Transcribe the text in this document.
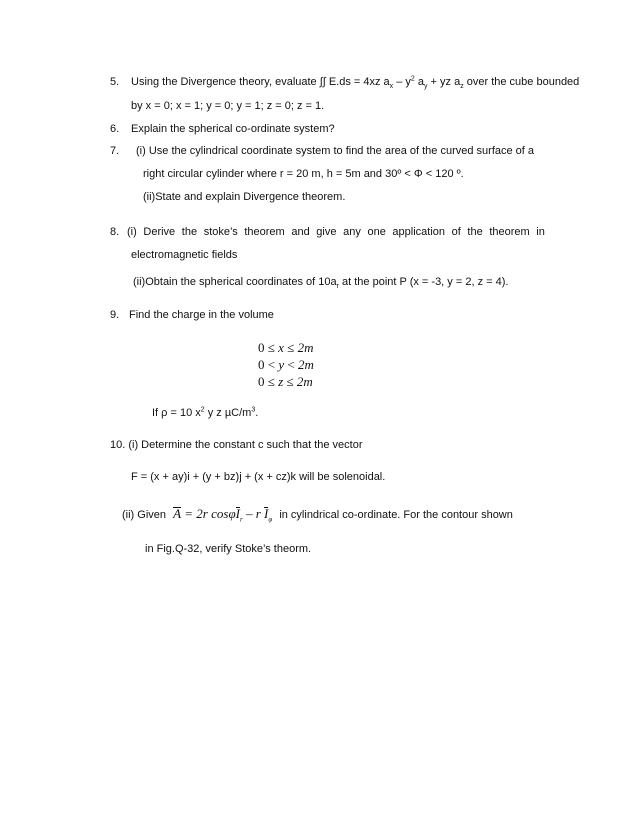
5. Using the Divergence theory, evaluate ∫∫ E.ds = 4xz $a_x - y^2$ $a_y$ + yz $a_z$ over the cube bounded
by x = 0; x = 1; y = 0; y = 1; z = 0; z = 1.
6. Explain the spherical co-ordinate system?
7. (i) Use the cylindrical coordinate system to find the area of the curved surface of a
right circular cylinder where r = 20 m, h = 5m and 30º < Φ < 120 º.
(ii)State and explain Divergence theorem.
8. (i) Derive the stoke’s theorem and give any one application of the theorem in
electromagnetic fields
(ii)Obtain the spherical coordinates of $10a_r$ at the point P (x = -3, y = 2, z = 4).
9. Find the charge in the volume
0 ≤ x ≤ 2m
0 < y < 2m
0 ≤ z ≤ 2m
If ρ = 10 $x^2$ y z $\mu C/m^3$.
10. (i) Determine the constant c such that the vector
F = (x + ay)i + (y + bz)j + (x + cz)k will be solenoidal.
(ii) Given A = 2r cosφI$_r$ – r $I_\varphi$ in cylindrical co-ordinate. For the contour shown
in Fig.Q-32, verify Stoke’s theorm.
